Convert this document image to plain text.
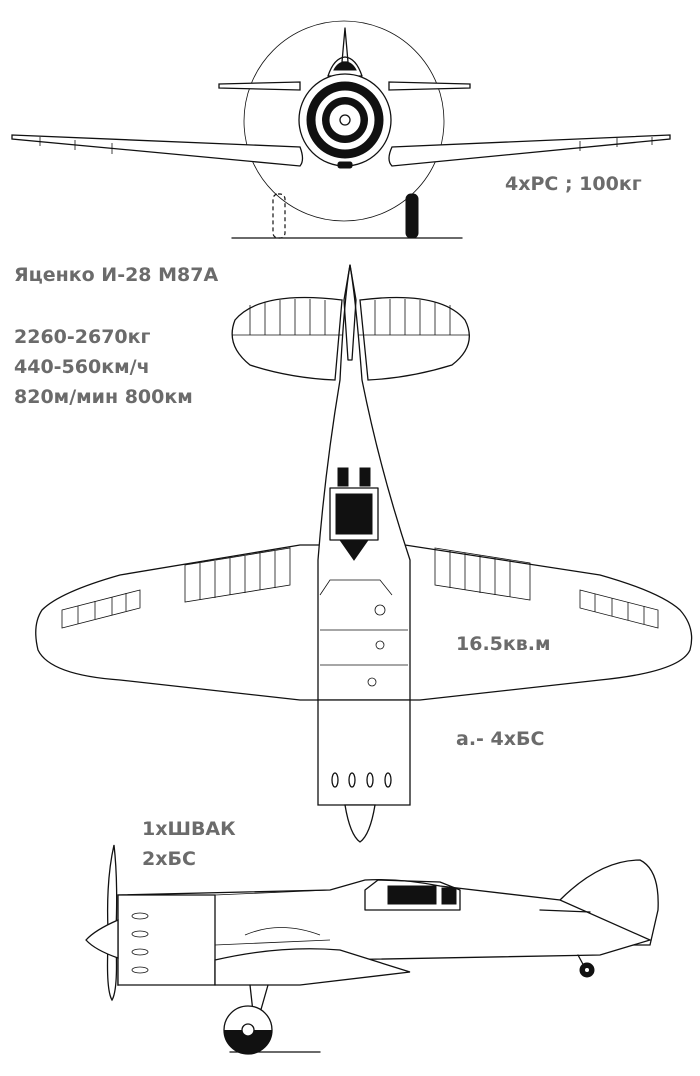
4хРС ; 100кг

Яценко И-28 М87А

2260-2670кг

440-560км/ч

820м/мин 800км

16.5кв.м

а.- 4хБС

1хШВАК

2хБС
